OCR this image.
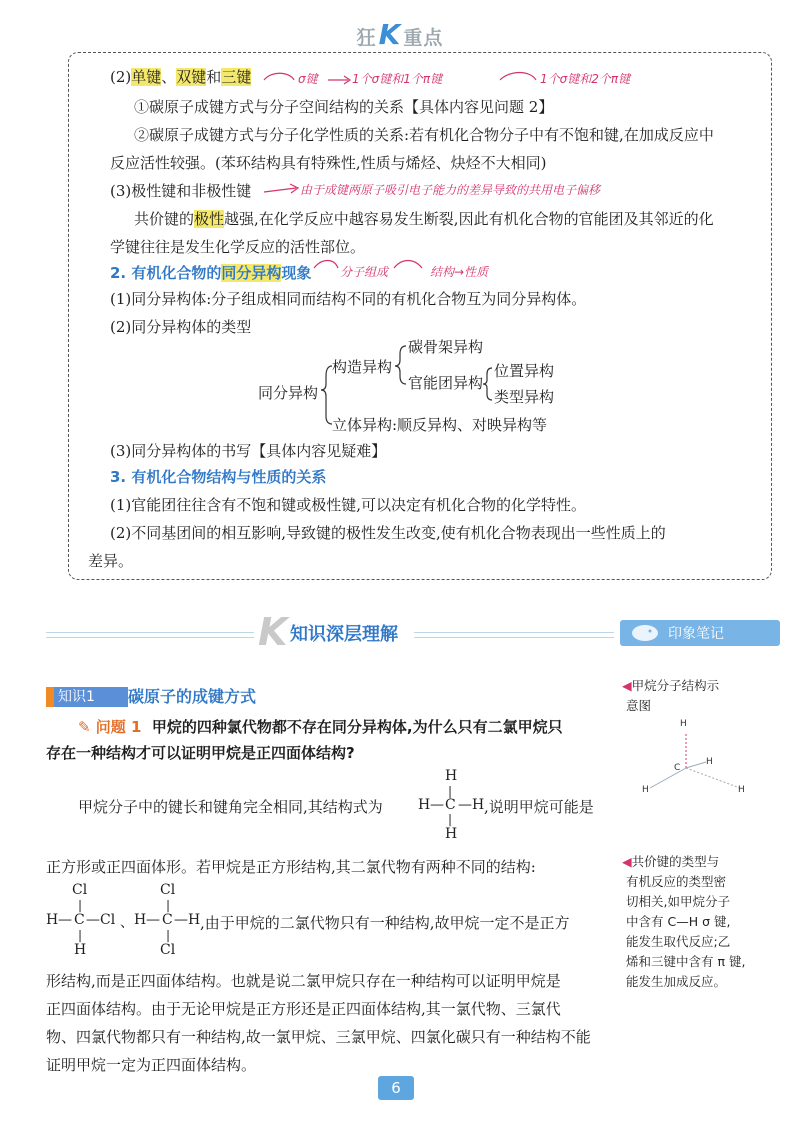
狂K 重点
(2)单键、双键和三键	σ键	1个σ键和1个π键	1个σ键和2个π键
①碳原子成键方式与分子空间结构的关系【具体内容见问题 2】
②碳原子成键方式与分子化学性质的关系:若有机化合物分子中有不饱和键,在加成反应中
反应活性较强。(苯环结构具有特殊性,性质与烯烃、炔烃不大相同)
(3)极性键和非极性键	由于成键两原子吸引电子能力的差异导致的共用电子偏移
共价键的极性越强,在化学反应中越容易发生断裂,因此有机化合物的官能团及其邻近的化
学键往往是发生化学反应的活性部位。
2. 有机化合物的同分异构现象 分子组成	结构→性质
(1)同分异构体:分子组成相同而结构不同的有机化合物互为同分异构体。
(2)同分异构体的类型
同分异构
构造异构
碳骨架异构
官能团异构
位置异构
类型异构
立体异构:顺反异构、对映异构等
(3)同分异构体的书写【具体内容见疑难】
3. 有机化合物结构与性质的关系
(1)官能团往往含有不饱和键或极性键,可以决定有机化合物的化学特性。
(2)不同基团间的相互影响,导致键的极性发生改变,使有机化合物表现出一些性质上的
差异。
K 知识深层理解	印象笔记
知识1 碳原子的成键方式
✎ 问题 1 甲烷的四种氯代物都不存在同分异构体,为什么只有二氯甲烷只
存在一种结构才可以证明甲烷是正四面体结构?
甲烷分子中的键长和键角完全相同,其结构式为
H
|
H — C — H
|
H
,说明甲烷可能是
正方形或正四面体形。若甲烷是正方形结构,其二氯代物有两种不同的结构:
Cl
|
H — C — Cl
|
H
、
Cl
|
H — C — H
|
Cl
,由于甲烷的二氯代物只有一种结构,故甲烷一定不是正方
形结构,而是正四面体结构。也就是说二氯甲烷只存在一种结构可以证明甲烷是
正四面体结构。由于无论甲烷是正方形还是正四面体结构,其一氯代物、三氯代
物、四氯代物都只有一种结构,故一氯甲烷、三氯甲烷、四氯化碳只有一种结构不能
证明甲烷一定为正四面体结构。
◀甲烷分子结构示
意图
H
C
H
H	H
◀共价键的类型与
有机反应的类型密
切相关,如甲烷分子
中含有 C—H σ 键,
能发生取代反应;乙
烯和三键中含有 π 键,
能发生加成反应。
6
